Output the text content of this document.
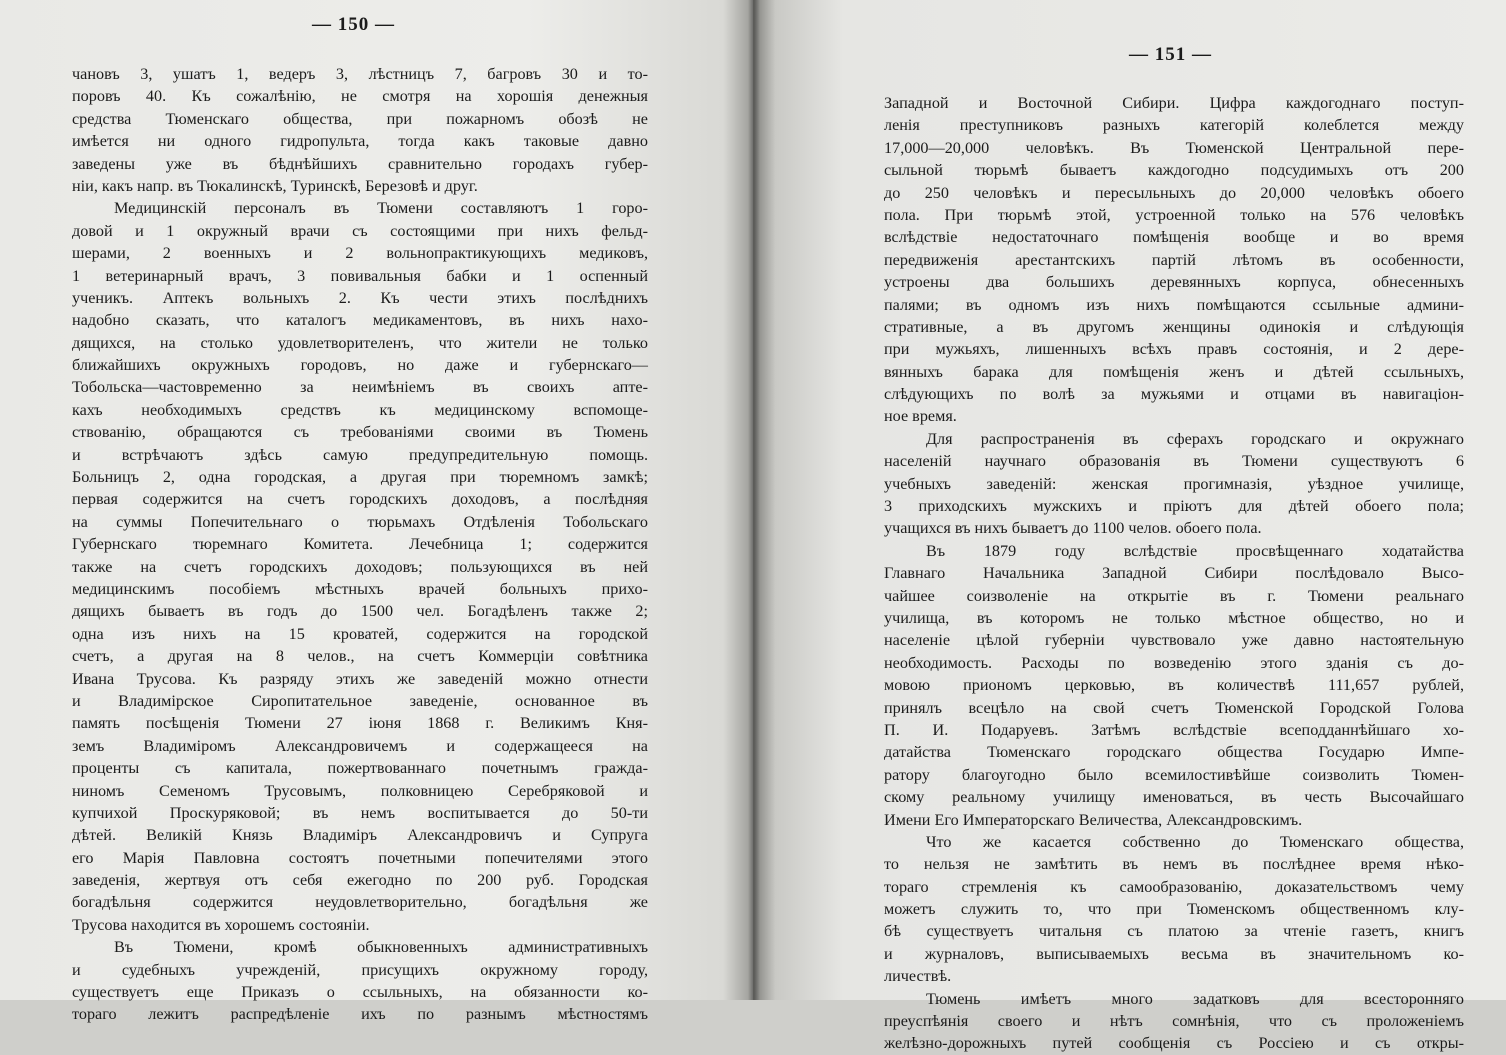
— 150 —
чановъ 3, ушатъ 1, ведеръ 3, лѣстницъ 7, багровъ 30 и то-
поровъ 40. Къ сожалѣнію, не смотря на хорошія денежныя
средства Тюменскаго общества, при пожарномъ обозѣ не
имѣется ни одного гидропульта, тогда какъ таковые давно
заведены уже въ бѣднѣйшихъ сравнительно городахъ губер-
ніи, какъ напр. въ Тюкалинскѣ, Туринскѣ, Березовѣ и друг.
Медицинскій персоналъ въ Тюмени составляютъ 1 горо-
довой и 1 окружный врачи съ состоящими при нихъ фельд-
шерами, 2 военныхъ и 2 вольнопрактикующихъ медиковъ,
1 ветеринарный врачъ, 3 повивальныя бабки и 1 оспенный
ученикъ. Аптекъ вольныхъ 2. Къ чести этихъ послѣднихъ
надобно сказать, что каталогъ медикаментовъ, въ нихъ нахо-
дящихся, на столько удовлетворителенъ, что жители не только
ближайшихъ окружныхъ городовъ, но даже и губернскаго—
Тобольска—частовременно за неимѣніемъ въ своихъ апте-
кахъ необходимыхъ средствъ къ медицинскому вспомоще-
ствованію, обращаются съ требованіями своими въ Тюмень
и встрѣчаютъ здѣсь самую предупредительную помощь.
Больницъ 2, одна городская, а другая при тюремномъ замкѣ;
первая содержится на счетъ городскихъ доходовъ, а послѣдняя
на суммы Попечительнаго о тюрьмахъ Отдѣленія Тобольскаго
Губернскаго тюремнаго Комитета. Лечебница 1; содержится
также на счетъ городскихъ доходовъ; пользующихся въ ней
медицинскимъ пособіемъ мѣстныхъ врачей больныхъ прихо-
дящихъ бываетъ въ годъ до 1500 чел. Богадѣленъ также 2;
одна изъ нихъ на 15 кроватей, содержится на городской
счетъ, а другая на 8 челов., на счетъ Коммерціи совѣтника
Ивана Трусова. Къ разряду этихъ же заведеній можно отнести
и Владимірское Сиропитательное заведеніе, основанное въ
память посѣщенія Тюмени 27 іюня 1868 г. Великимъ Кня-
земъ Владиміромъ Александровичемъ и содержащееся на
проценты съ капитала, пожертвованнаго почетнымъ гражда-
ниномъ Семеномъ Трусовымъ, полковницею Серебряковой и
купчихой Проскуряковой; въ немъ воспитывается до 50-ти
дѣтей. Великій Князь Владиміръ Александровичъ и Супруга
его Марія Павловна состоятъ почетными попечителями этого
заведенія, жертвуя отъ себя ежегодно по 200 руб. Городская
богадѣльня содержится неудовлетворительно, богадѣльня же
Трусова находится въ хорошемъ состояніи.
Въ Тюмени, кромѣ обыкновенныхъ административныхъ
и судебныхъ учрежденій, присущихъ окружному городу,
существуетъ еще Приказъ о ссыльныхъ, на обязанности ко-
тораго лежитъ распредѣленіе ихъ по разнымъ мѣстностямъ
— 151 —
Западной и Восточной Сибири. Цифра каждогоднаго поступ-
ленія преступниковъ разныхъ категорій колеблется между
17,000—20,000 человѣкъ. Въ Тюменской Центральной пере-
сыльной тюрьмѣ бываетъ каждогодно подсудимыхъ отъ 200
до 250 человѣкъ и пересыльныхъ до 20,000 человѣкъ обоего
пола. При тюрьмѣ этой, устроенной только на 576 человѣкъ
вслѣдствіе недостаточнаго помѣщенія вообще и во время
передвиженія арестантскихъ партій лѣтомъ въ особенности,
устроены два большихъ деревянныхъ корпуса, обнесенныхъ
палями; въ одномъ изъ нихъ помѣщаются ссыльные админи-
стративные, а въ другомъ женщины одинокія и слѣдующія
при мужьяхъ, лишенныхъ всѣхъ правъ состоянія, и 2 дере-
вянныхъ барака для помѣщенія женъ и дѣтей ссыльныхъ,
слѣдующихъ по волѣ за мужьями и отцами въ навигаціон-
ное время.
Для распространенія въ сферахъ городскаго и окружнаго
населеній научнаго образованія въ Тюмени существуютъ 6
учебныхъ заведеній: женская прогимназія, уѣздное училище,
3 приходскихъ мужскихъ и пріютъ для дѣтей обоего пола;
учащихся въ нихъ бываетъ до 1100 челов. обоего пола.
Въ 1879 году вслѣдствіе просвѣщеннаго ходатайства
Главнаго Начальника Западной Сибири послѣдовало Высо-
чайшее соизволеніе на открытіе въ г. Тюмени реальнаго
училища, въ которомъ не только мѣстное общество, но и
населеніе цѣлой губерніи чувствовало уже давно настоятельную
необходимость. Расходы по возведенію этого зданія съ до-
мовою приономъ церковью, въ количествѣ 111,657 рублей,
принялъ всецѣло на свой счетъ Тюменской Городской Голова
П. И. Подаруевъ. Затѣмъ вслѣдствіе всеподданнѣйшаго хо-
датайства Тюменскаго городскаго общества Государю Импе-
ратору благоугодно было всемилостивѣйше соизволить Тюмен-
скому реальному училищу именоваться, въ честь Высочайшаго
Имени Его Императорскаго Величества, Александровскимъ.
Что же касается собственно до Тюменскаго общества,
то нельзя не замѣтить въ немъ въ послѣднее время нѣко-
тораго стремленія къ самообразованію, доказательствомъ чему
можетъ служить то, что при Тюменскомъ общественномъ клу-
бѣ существуетъ читальня съ платою за чтеніе газетъ, книгъ
и журналовъ, выписываемыхъ весьма въ значительномъ ко-
личествѣ.
Тюмень имѣетъ много задатковъ для всесторонняго
преуспѣянія своего и нѣтъ сомнѣнія, что съ проложеніемъ
желѣзно-дорожныхъ путей сообщенія съ Россіею и съ откры-
